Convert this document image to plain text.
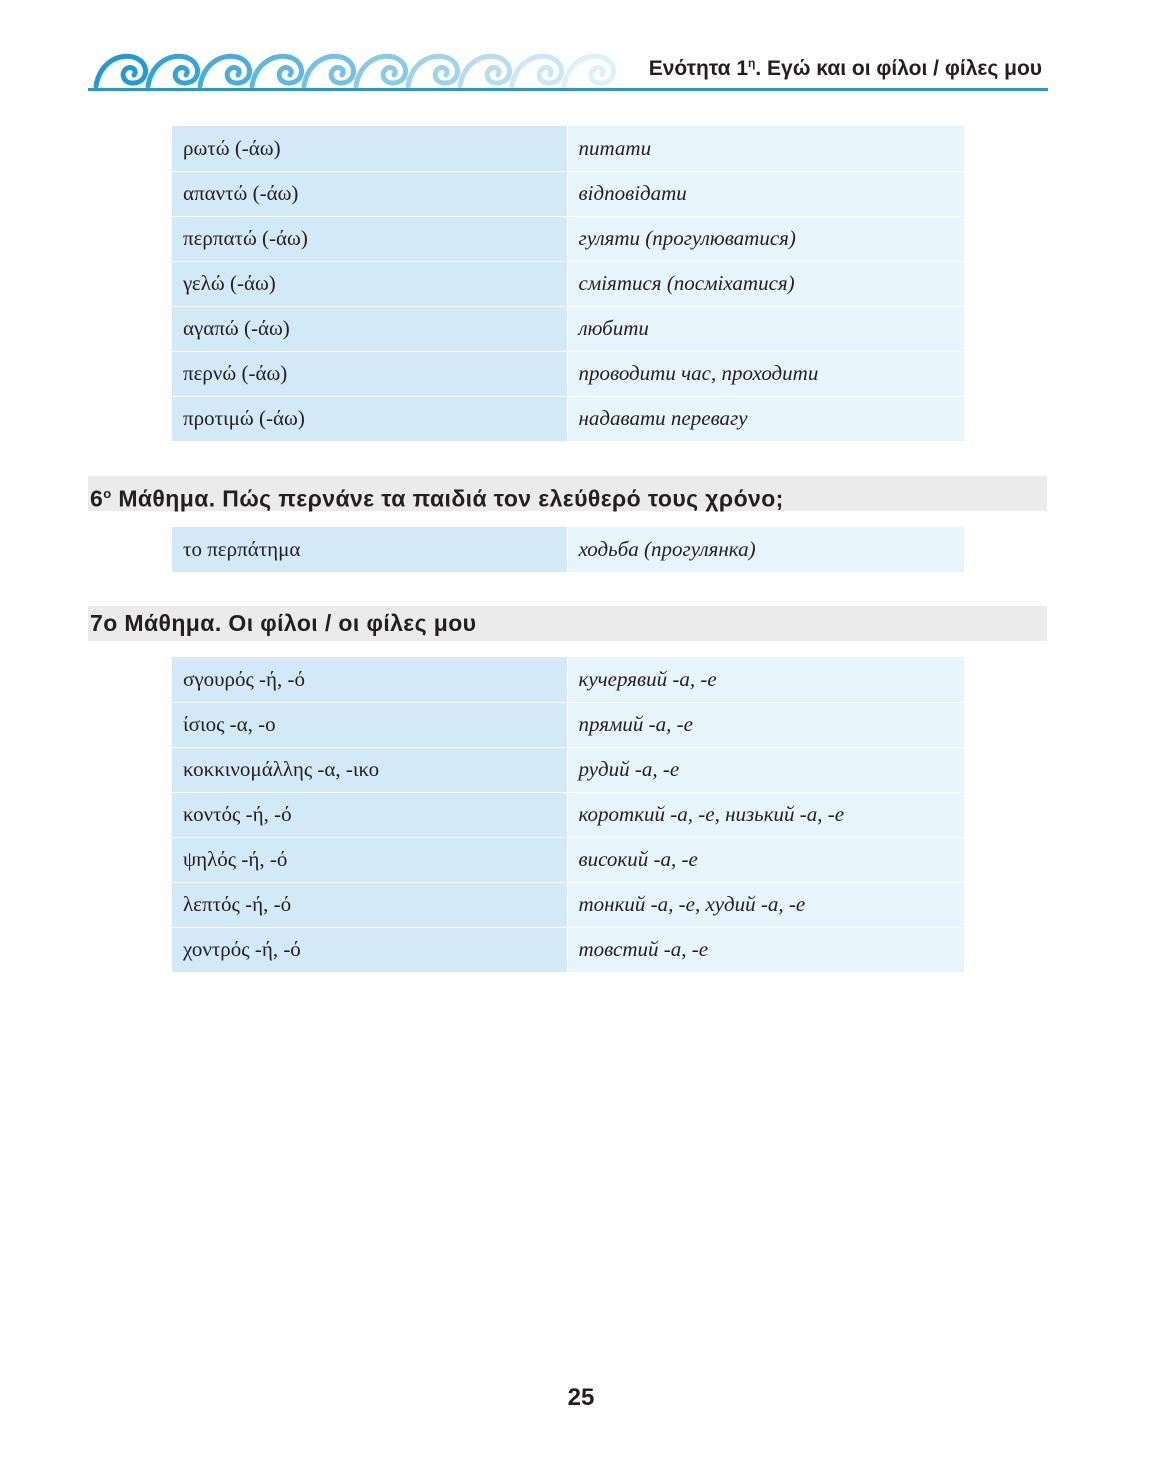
Ενότητα $1^\eta$. Εγώ και οι φίλοι / φίλες μου
ρωτώ (-άω)	питати
απαντώ (-άω)	відповідати
περπατώ (-άω)	гуляти (прогулюватися)
γελώ (-άω)	сміятися (посміхатися)
αγαπώ (-άω)	любити
περνώ (-άω)	проводити час, проходити
προτιμώ (-άω)	надавати перевагу
$6^o$ Μάθημα. Πώς περνάνε τα παιδιά τον ελεύθερό τους χρόνο;
το περπάτημα	ходьба (прогулянка)
7ο Μάθημα. Οι φίλοι / οι φίλες μου
σγουρός -ή, -ό	кучерявий -а, -е
ίσιος -α, -ο	прямий -а, -е
κοκκινομάλλης -α, -ικο	рудий -а, -е
κοντός -ή, -ό	короткий -а, -е, низький -а, -е
ψηλός -ή, -ό	високий -а, -е
λεπτός -ή, -ό	тонкий -а, -е, худий -а, -е
χοντρός -ή, -ό	товстий -а, -е
25
